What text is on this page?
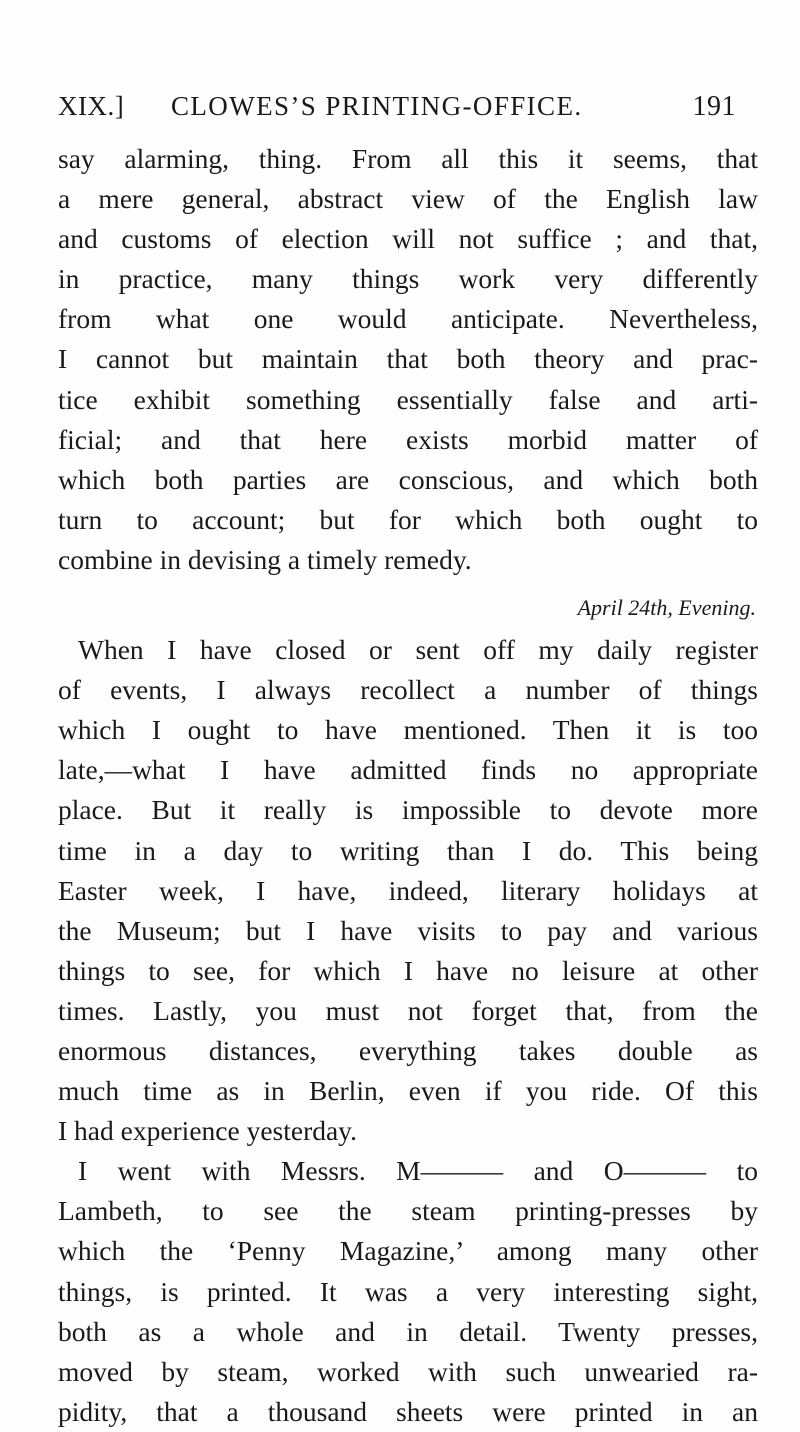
XIX.] CLOWES’S PRINTING-OFFICE.	191
say alarming, thing. From all this it seems, that
a mere general, abstract view of the English law
and customs of election will not suffice ; and that,
in practice, many things work very differently
from what one would anticipate. Nevertheless,
I cannot but maintain that both theory and prac-
tice exhibit something essentially false and arti-
ficial; and that here exists morbid matter of
which both parties are conscious, and which both
turn to account; but for which both ought to
combine in devising a timely remedy.
April 24th, Evening.
When I have closed or sent off my daily register
of events, I always recollect a number of things
which I ought to have mentioned. Then it is too
late,—what I have admitted finds no appropriate
place. But it really is impossible to devote more
time in a day to writing than I do. This being
Easter week, I have, indeed, literary holidays at
the Museum; but I have visits to pay and various
things to see, for which I have no leisure at other
times. Lastly, you must not forget that, from the
enormous distances, everything takes double as
much time as in Berlin, even if you ride. Of this
I had experience yesterday.
I went with Messrs. M——— and O——— to
Lambeth, to see the steam printing-presses by
which the ‘Penny Magazine,’ among many other
things, is printed. It was a very interesting sight,
both as a whole and in detail. Twenty presses,
moved by steam, worked with such unwearied ra-
pidity, that a thousand sheets were printed in an
